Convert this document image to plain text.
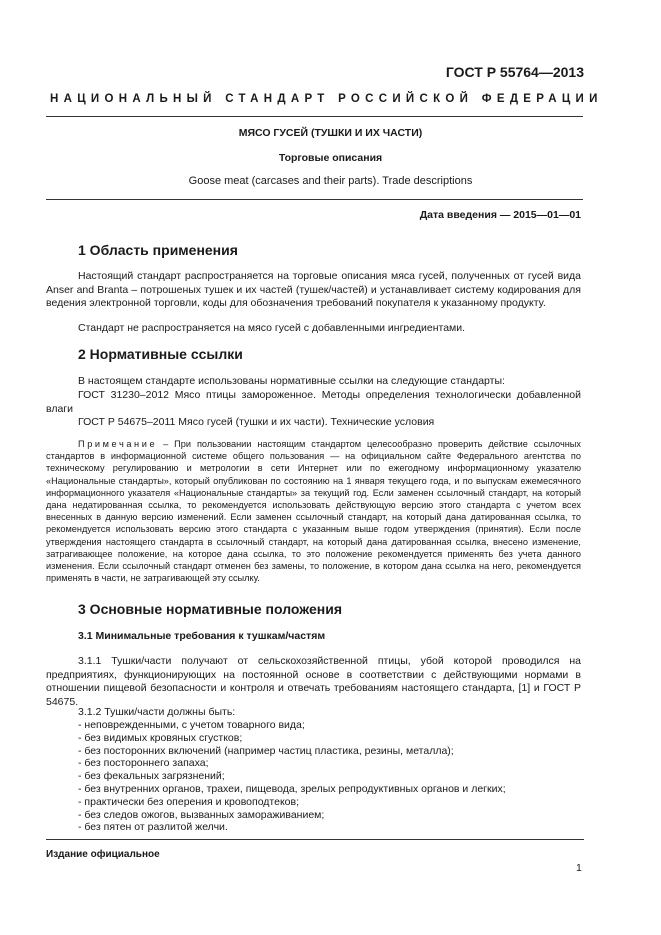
ГОСТ Р 55764—2013
НАЦИОНАЛЬНЫЙ СТАНДАРТ РОССИЙСКОЙ ФЕДЕРАЦИИ
МЯСО ГУСЕЙ (ТУШКИ И ИХ ЧАСТИ)
Торговые описания
Goose meat (carcases and their parts). Trade descriptions
Дата введения — 2015—01—01
1 Область применения

Настоящий стандарт распространяется на торговые описания мяса гусей, полученных от гусей вида Anser and Branta – потрошеных тушек и их частей (тушек/частей) и устанавливает систему кодирования для ведения электронной торговли, коды для обозначения требований покупателя к указанному продукту.

Стандарт не распространяется на мясо гусей с добавленными ингредиентами.

2 Нормативные ссылки

В настоящем стандарте использованы нормативные ссылки на следующие стандарты:

ГОСТ 31230–2012 Мясо птицы замороженное. Методы определения технологически добавленной влаги

ГОСТ Р 54675–2011 Мясо гусей (тушки и их части). Технические условия

Примечание – При пользовании настоящим стандартом целесообразно проверить действие ссылочных стандартов в информационной системе общего пользования — на официальном сайте Федерального агентства по техническому регулированию и метрологии в сети Интернет или по ежегодному информационному указателю «Национальные стандарты», который опубликован по состоянию на 1 января текущего года, и по выпускам ежемесячного информационного указателя «Национальные стандарты» за текущий год. Если заменен ссылочный стандарт, на который дана недатированная ссылка, то рекомендуется использовать действующую версию этого стандарта с учетом всех внесенных в данную версию изменений. Если заменен ссылочный стандарт, на который дана датированная ссылка, то рекомендуется использовать версию этого стандарта с указанным выше годом утверждения (принятия). Если после утверждения настоящего стандарта в ссылочный стандарт, на который дана датированная ссылка, внесено изменение, затрагивающее положение, на которое дана ссылка, то это положение рекомендуется применять без учета данного изменения. Если ссылочный стандарт отменен без замены, то положение, в котором дана ссылка на него, рекомендуется применять в части, не затрагивающей эту ссылку.

3 Основные нормативные положения
3.1 Минимальные требования к тушкам/частям

3.1.1 Тушки/части получают от сельскохозяйственной птицы, убой которой проводился на предприятиях, функционирующих на постоянной основе в соответствии с действующими нормами в отношении пищевой безопасности и контроля и отвечать требованиям настоящего стандарта, [1] и ГОСТ Р 54675.

3.1.2 Тушки/части должны быть:

- неповрежденными, с учетом товарного вида;
- без видимых кровяных сгустков;
- без посторонних включений (например частиц пластика, резины, металла);
- без постороннего запаха;
- без фекальных загрязнений;
- без внутренних органов, трахеи, пищевода, зрелых репродуктивных органов и легких;
- практически без оперения и кровоподтеков;
- без следов ожогов, вызванных замораживанием;
- без пятен от разлитой желчи.
Издание официальное
1
